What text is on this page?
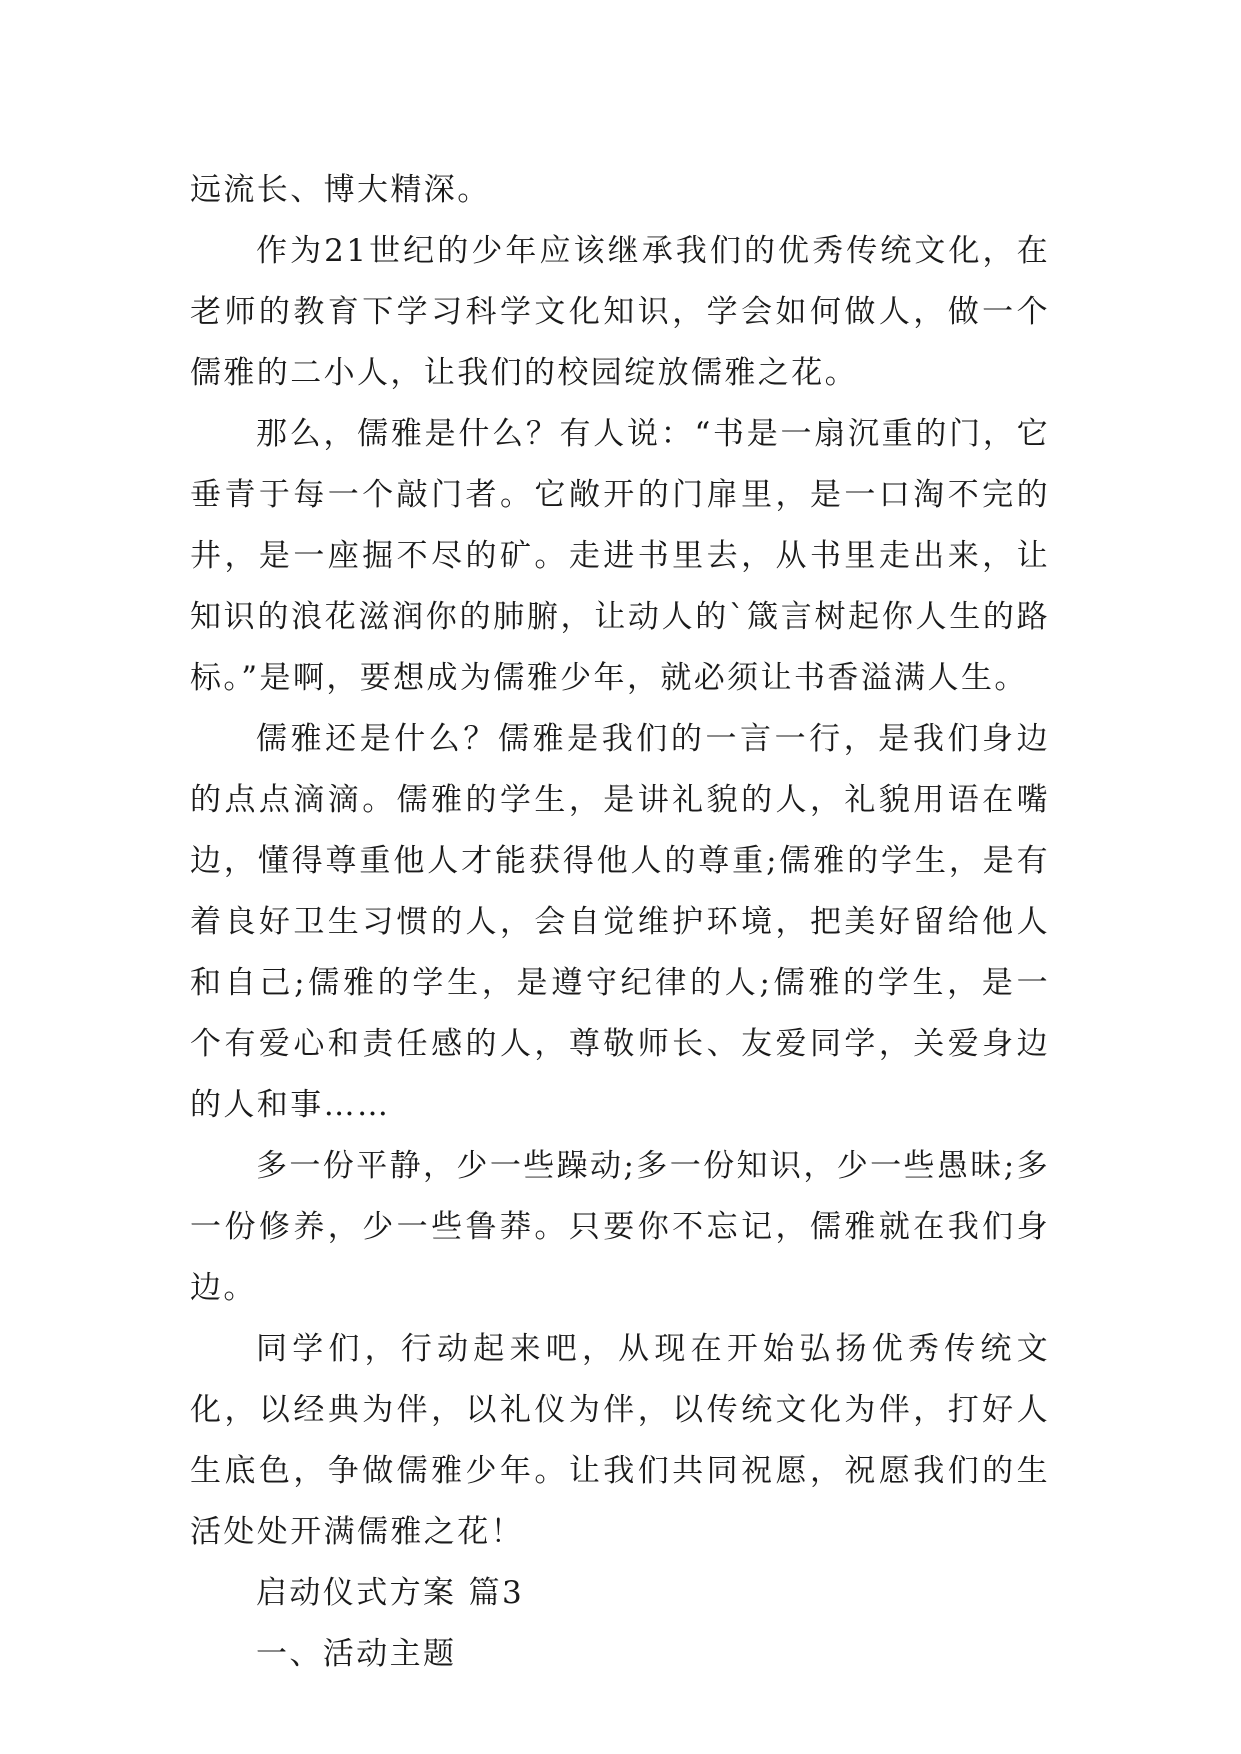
远流长、博大精深。

作为21世纪的少年应该继承我们的优秀传统文化，在老师的教育下学习科学文化知识，学会如何做人，做一个儒雅的二小人，让我们的校园绽放儒雅之花。

那么，儒雅是什么？有人说：“书是一扇沉重的门，它垂青于每一个敲门者。它敞开的门扉里，是一口淘不完的井，是一座掘不尽的矿。走进书里去，从书里走出来，让知识的浪花滋润你的肺腑，让动人的`箴言树起你人生的路标。”是啊，要想成为儒雅少年，就必须让书香溢满人生。

儒雅还是什么？儒雅是我们的一言一行，是我们身边的点点滴滴。儒雅的学生，是讲礼貌的人，礼貌用语在嘴边，懂得尊重他人才能获得他人的尊重;儒雅的学生，是有着良好卫生习惯的人，会自觉维护环境，把美好留给他人和自己;儒雅的学生，是遵守纪律的人;儒雅的学生，是一个有爱心和责任感的人，尊敬师长、友爱同学，关爱身边的人和事……

多一份平静，少一些躁动;多一份知识，少一些愚昧;多一份修养，少一些鲁莽。只要你不忘记，儒雅就在我们身边。

同学们，行动起来吧，从现在开始弘扬优秀传统文化，以经典为伴，以礼仪为伴，以传统文化为伴，打好人生底色，争做儒雅少年。让我们共同祝愿，祝愿我们的生活处处开满儒雅之花！

启动仪式方案 篇3

一、活动主题
